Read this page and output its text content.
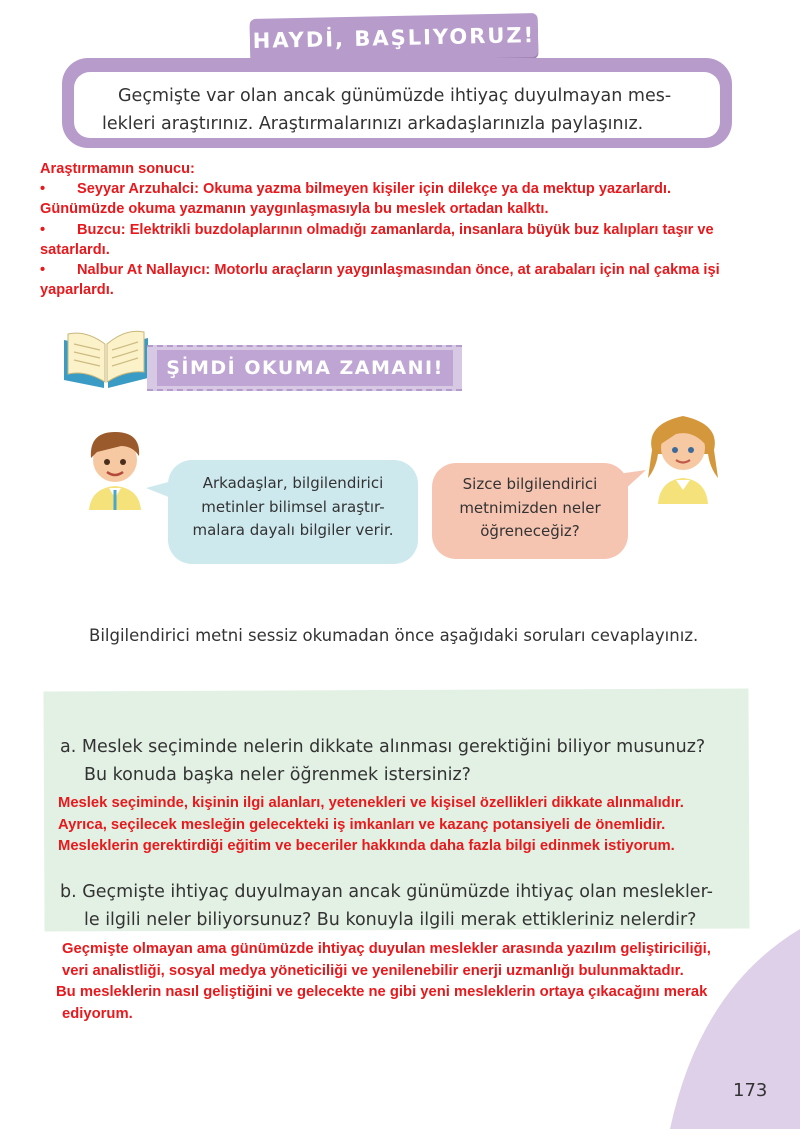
HAYDİ, BAŞLIYORUZ!
Geçmişte var olan ancak günümüzde ihtiyaç duyulmayan mes-
lekleri araştırınız. Araştırmalarınızı arkadaşlarınızla paylaşınız.

Araştırmamın sonucu:

• Seyyar Arzuhalci: Okuma yazma bilmeyen kişiler için dilekçe ya da mektup yazarlardı.

Günümüzde okuma yazmanın yaygınlaşmasıyla bu meslek ortadan kalktı.

• Buzcu: Elektrikli buzdolaplarının olmadığı zamanlarda, insanlara büyük buz kalıpları taşır ve

satarlardı.

• Nalbur At Nallayıcı: Motorlu araçların yaygınlaşmasından önce, at arabaları için nal çakma işi

yaparlardı.

ŞİMDİ OKUMA ZAMANI!

Arkadaşlar, bilgilendirici

metinler bilimsel araştır-

malara dayalı bilgiler verir.

Sizce bilgilendirici

metnimizden neler

öğreneceğiz?

Bilgilendirici metni sessiz okumadan önce aşağıdaki soruları cevaplayınız.

a. Meslek seçiminde nelerin dikkate alınması gerektiğini biliyor musunuz?

Bu konuda başka neler öğrenmek istersiniz?

Meslek seçiminde, kişinin ilgi alanları, yetenekleri ve kişisel özellikleri dikkate alınmalıdır.

Ayrıca, seçilecek mesleğin gelecekteki iş imkanları ve kazanç potansiyeli de önemlidir.

Mesleklerin gerektirdiği eğitim ve beceriler hakkında daha fazla bilgi edinmek istiyorum.

b. Geçmişte ihtiyaç duyulmayan ancak günümüzde ihtiyaç olan meslekler-

le ilgili neler biliyorsunuz? Bu konuyla ilgili merak ettikleriniz nelerdir?

Geçmişte olmayan ama günümüzde ihtiyaç duyulan meslekler arasında yazılım geliştiriciliği,

veri analistliği, sosyal medya yöneticiliği ve yenilenebilir enerji uzmanlığı bulunmaktadır.

Bu mesleklerin nasıl geliştiğini ve gelecekte ne gibi yeni mesleklerin ortaya çıkacağını merak

ediyorum.

173
